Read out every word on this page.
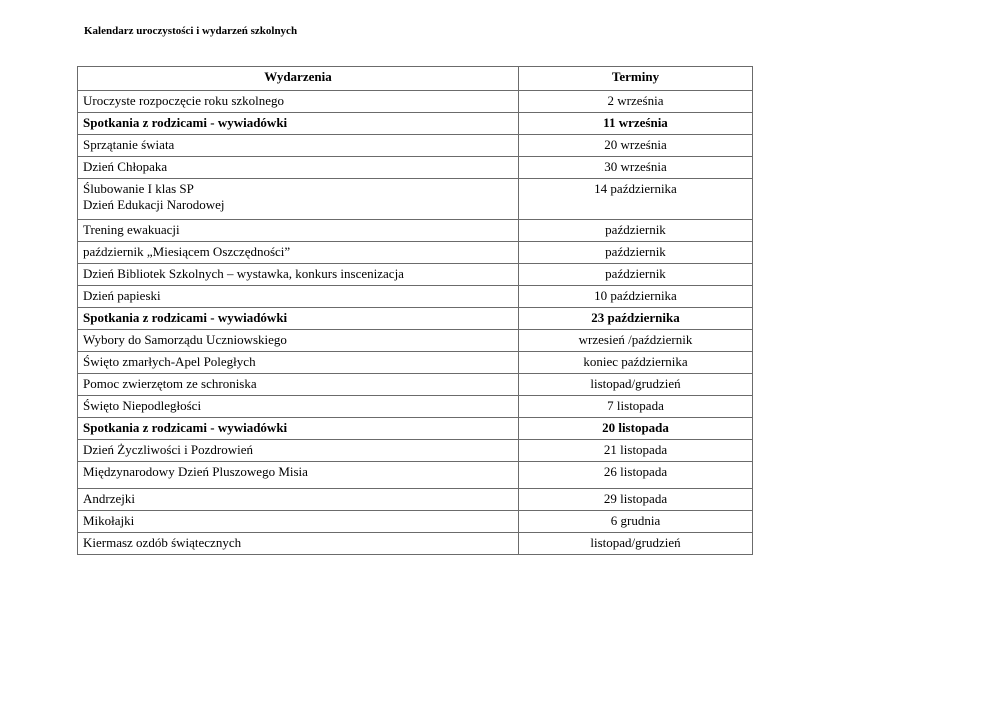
Kalendarz uroczystości i wydarzeń szkolnych
Wydarzenia	Terminy
Uroczyste rozpoczęcie roku szkolnego	2 września
Spotkania z rodzicami - wywiadówki	11 września
Sprzątanie świata	20 września
Dzień Chłopaka	30 września

Ślubowanie I klas SP
Dzień Edukacji Narodowej	14 października
Trening ewakuacji	październik
październik „Miesiącem Oszczędności”	październik
Dzień Bibliotek Szkolnych – wystawka, konkurs inscenizacja	październik
Dzień papieski	10 października
Spotkania z rodzicami - wywiadówki	23 października
Wybory do Samorządu Uczniowskiego	wrzesień /październik
Święto zmarłych-Apel Poległych	koniec października
Pomoc zwierzętom ze schroniska	listopad/grudzień
Święto Niepodległości	7 listopada
Spotkania z rodzicami - wywiadówki	20 listopada
Dzień Życzliwości i Pozdrowień	21 listopada
Międzynarodowy Dzień Pluszowego Misia	26 listopada
Andrzejki	29 listopada
Mikołajki	6 grudnia
Kiermasz ozdób świątecznych	listopad/grudzień
